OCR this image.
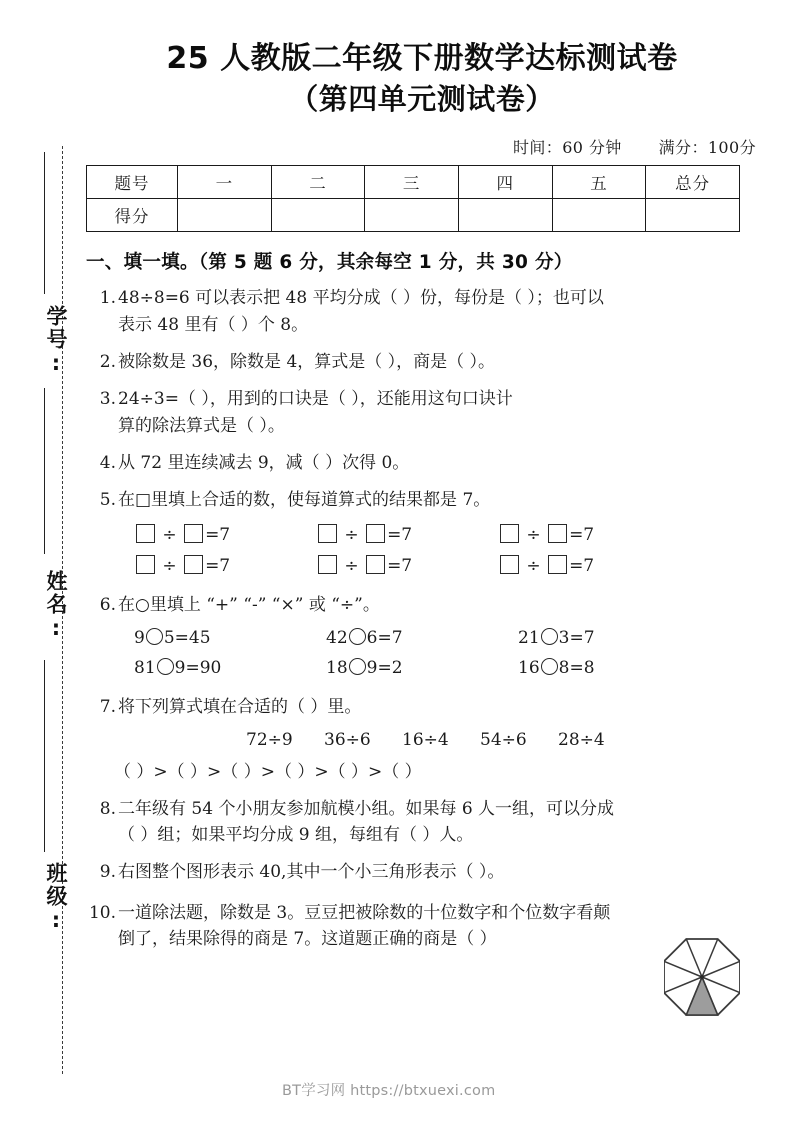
学号:
姓名:
班级:
25 人教版二年级下册数学达标测试卷
（第四单元测试卷）
时间：60 分钟 满分：100分
题号	一	二	三	四	五	总分
得分						
一、填一填。（第 5 题 6 分，其余每空 1 分，共 30 分）
1. 48÷8=6 可以表示把 48 平均分成（ ）份，每份是（ ）；也可以
表示 48 里有（ ）个 8。
2. 被除数是 36，除数是 4，算式是（ ），商是（ ）。
3. 24÷3=（ ），用到的口诀是（ ），还能用这句口诀计
算的除法算式是（ ）。
4. 从 72 里连续减去 9，减（ ）次得 0。
5. 在□里填上合适的数，使每道算式的结果都是 7。
÷ =7	÷ =7	÷ =7
÷ =7	÷ =7	÷ =7
6. 在○里填上 “+” “-” “×” 或 “÷”。
9 5=45	42 6=7	21 3=7
81 9=90	18 9=2	16 8=8
7. 将下列算式填在合适的（ ）里。
72÷9 36÷6 16÷4 54÷6 28÷4
（ ）>（ ）>（ ）>（ ）>（ ）>（ ）
8. 二年级有 54 个小朋友参加航模小组。如果每 6 人一组，可以分成
（ ）组；如果平均分成 9 组，每组有（ ）人。
9. 右图整个图形表示 40,其中一个小三角形表示（ ）。
10. 一道除法题，除数是 3。豆豆把被除数的十位数字和个位数字看颠
倒了，结果除得的商是 7。这道题正确的商是（ ）
BT学习网 https://btxuexi.com
